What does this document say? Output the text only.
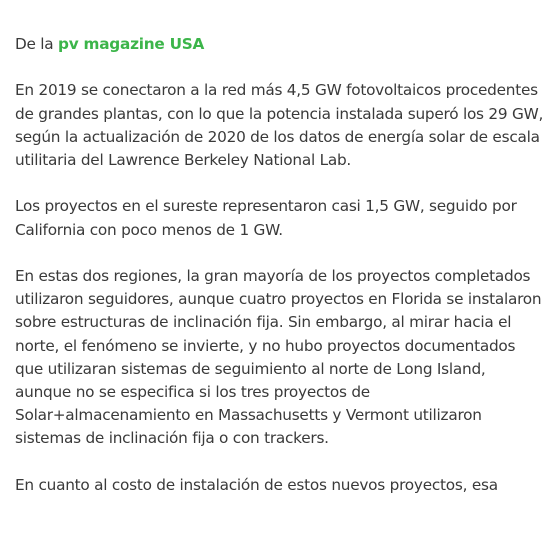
De la pv magazine USA

En 2019 se conectaron a la red más 4,5 GW fotovoltaicos procedentes de grandes plantas, con lo que la potencia instalada superó los 29 GW, según la actualización de 2020 de los datos de energía solar de escala utilitaria del Lawrence Berkeley National Lab.

Los proyectos en el sureste representaron casi 1,5 GW, seguido por California con poco menos de 1 GW.

En estas dos regiones, la gran mayoría de los proyectos completados utilizaron seguidores, aunque cuatro proyectos en Florida se instalaron sobre estructuras de inclinación fija. Sin embargo, al mirar hacia el norte, el fenómeno se invierte, y no hubo proyectos documentados que utilizaran sistemas de seguimiento al norte de Long Island, aunque no se especifica si los tres proyectos de Solar+almacenamiento en Massachusetts y Vermont utilizaron sistemas de inclinación fija o con trackers.

En cuanto al costo de instalación de estos nuevos proyectos, esa
